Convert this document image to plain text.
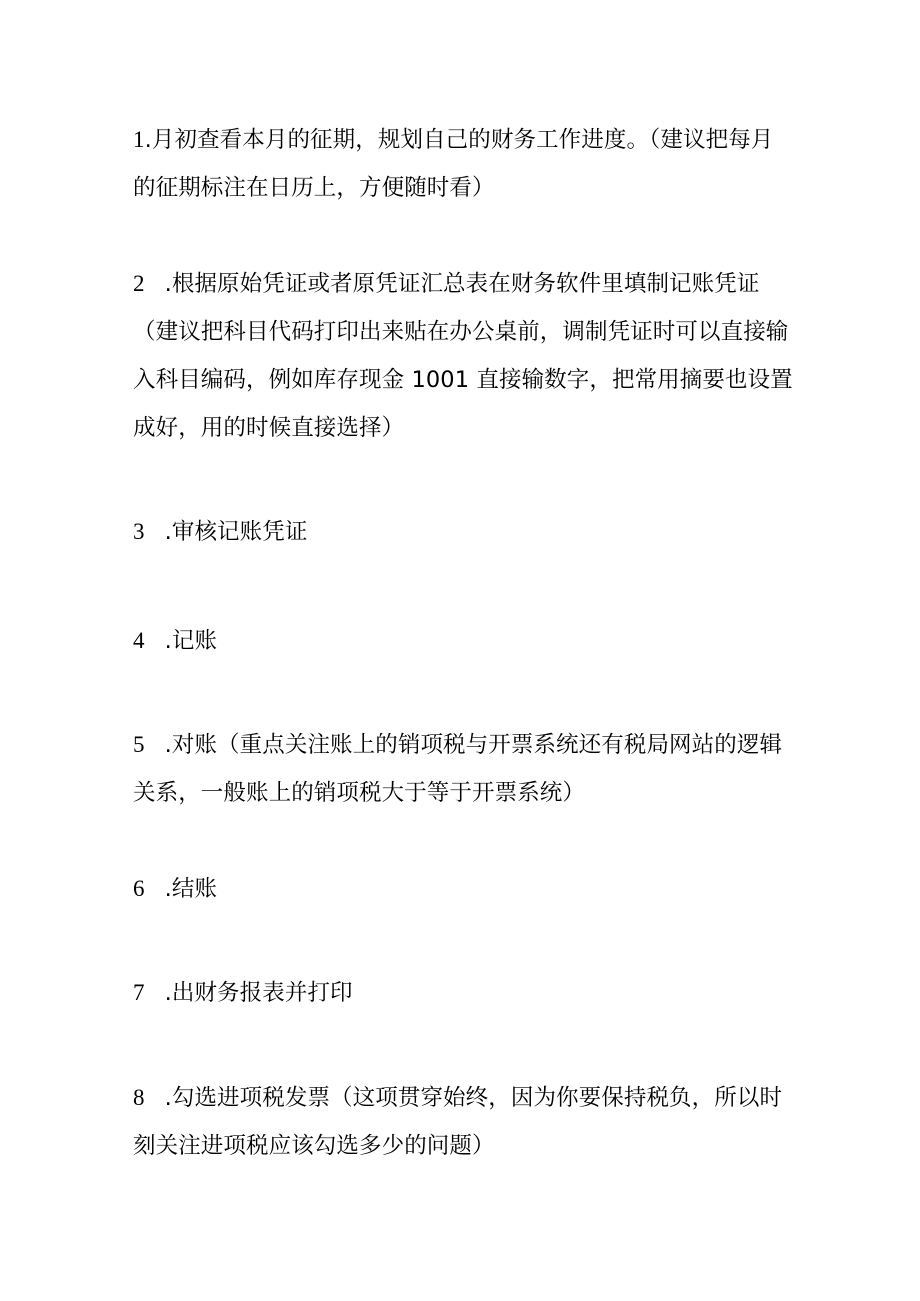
1.月初查看本月的征期，规划自己的财务工作进度。（建议把每月的征期标注在日历上，方便随时看）

2 .根据原始凭证或者原凭证汇总表在财务软件里填制记账凭证（建议把科目代码打印出来贴在办公桌前，调制凭证时可以直接输入科目编码，例如库存现金 1001 直接输数字，把常用摘要也设置成好，用的时候直接选择）

3 .审核记账凭证

4 .记账

5 .对账（重点关注账上的销项税与开票系统还有税局网站的逻辑关系，一般账上的销项税大于等于开票系统）

6 .结账

7 .出财务报表并打印

8 .勾选进项税发票（这项贯穿始终，因为你要保持税负，所以时刻关注进项税应该勾选多少的问题）
